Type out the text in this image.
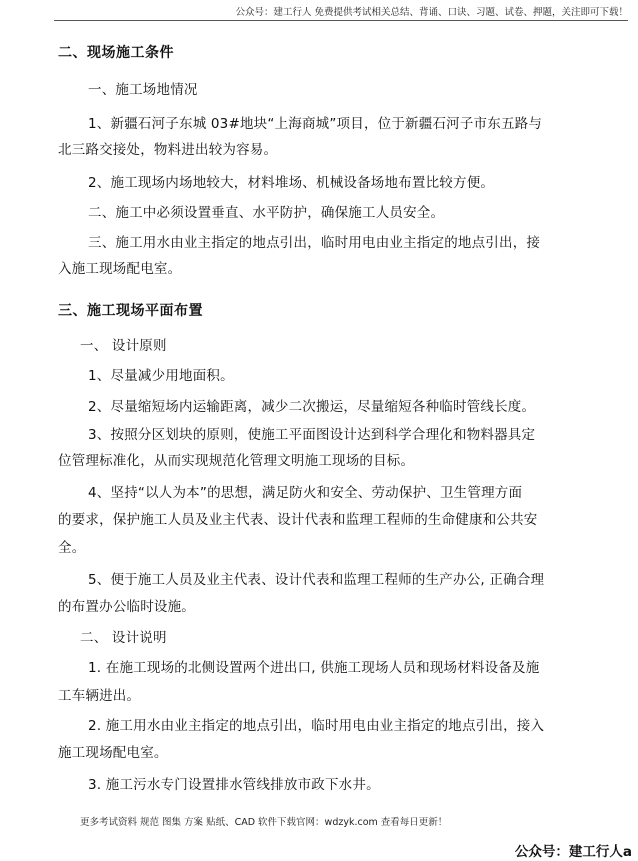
公众号：建工行人 免费提供考试相关总结、背诵、口诀、习题、试卷、押题，关注即可下载！
二、现场施工条件
一、施工场地情况
1、新疆石河子东城 03#地块“上海商城”项目，位于新疆石河子市东五路与
北三路交接处，物料进出较为容易。
2、施工现场内场地较大，材料堆场、机械设备场地布置比较方便。
二、施工中必须设置垂直、水平防护，确保施工人员安全。
三、施工用水由业主指定的地点引出，临时用电由业主指定的地点引出，接
入施工现场配电室。
三、施工现场平面布置
一、 设计原则
1、尽量减少用地面积。
2、尽量缩短场内运输距离，减少二次搬运，尽量缩短各种临时管线长度。
3、按照分区划块的原则，使施工平面图设计达到科学合理化和物料器具定
位管理标准化，从而实现规范化管理文明施工现场的目标。
4、坚持“以人为本”的思想，满足防火和安全、劳动保护、卫生管理方面
的要求，保护施工人员及业主代表、设计代表和监理工程师的生命健康和公共安
全。
5、便于施工人员及业主代表、设计代表和监理工程师的生产办公, 正确合理
的布置办公临时设施。
二、 设计说明
1. 在施工现场的北侧设置两个进出口, 供施工现场人员和现场材料设备及施
工车辆进出。
2. 施工用水由业主指定的地点引出，临时用电由业主指定的地点引出，接入
施工现场配电室。
3. 施工污水专门设置排水管线排放市政下水井。
更多考试资料 规范 图集 方案 贴纸、CAD 软件下载官网：wdzyk.com 查看每日更新！
公众号：建工行人a
